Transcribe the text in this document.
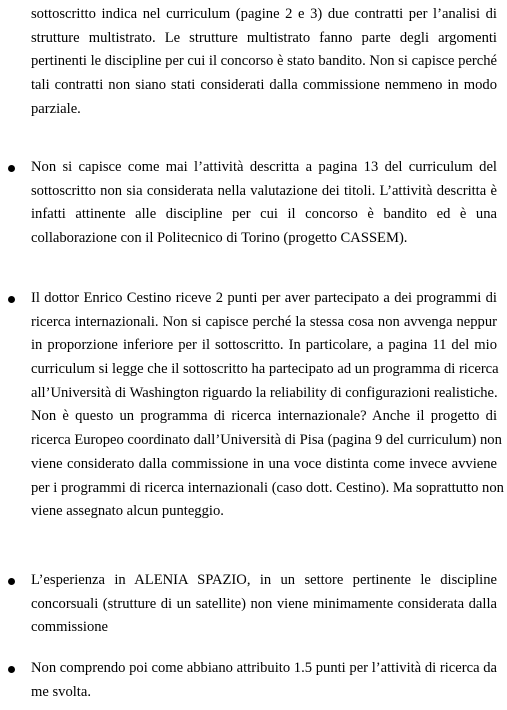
sottoscritto indica nel curriculum (pagine 2 e 3) due contratti per l’analisi di
strutture multistrato. Le strutture multistrato fanno parte degli argomenti
pertinenti le discipline per cui il concorso è stato bandito. Non si capisce perché
tali contratti non siano stati considerati dalla commissione nemmeno in modo
parziale.
Non si capisce come mai l’attività descritta a pagina 13 del curriculum del
sottoscritto non sia considerata nella valutazione dei titoli. L’attività descritta è
infatti attinente alle discipline per cui il concorso è bandito ed è una
collaborazione con il Politecnico di Torino (progetto CASSEM).
Il dottor Enrico Cestino riceve 2 punti per aver partecipato a dei programmi di
ricerca internazionali. Non si capisce perché la stessa cosa non avvenga neppur
in proporzione inferiore per il sottoscritto. In particolare, a pagina 11 del mio
curriculum si legge che il sottoscritto ha partecipato ad un programma di ricerca
all’Università di Washington riguardo la reliability di configurazioni realistiche.
Non è questo un programma di ricerca internazionale? Anche il progetto di
ricerca Europeo coordinato dall’Università di Pisa (pagina 9 del curriculum) non
viene considerato dalla commissione in una voce distinta come invece avviene
per i programmi di ricerca internazionali (caso dott. Cestino). Ma soprattutto non
viene assegnato alcun punteggio.
L’esperienza in ALENIA SPAZIO, in un settore pertinente le discipline
concorsuali (strutture di un satellite) non viene minimamente considerata dalla
commissione
Non comprendo poi come abbiano attribuito 1.5 punti per l’attività di ricerca da
me svolta.
